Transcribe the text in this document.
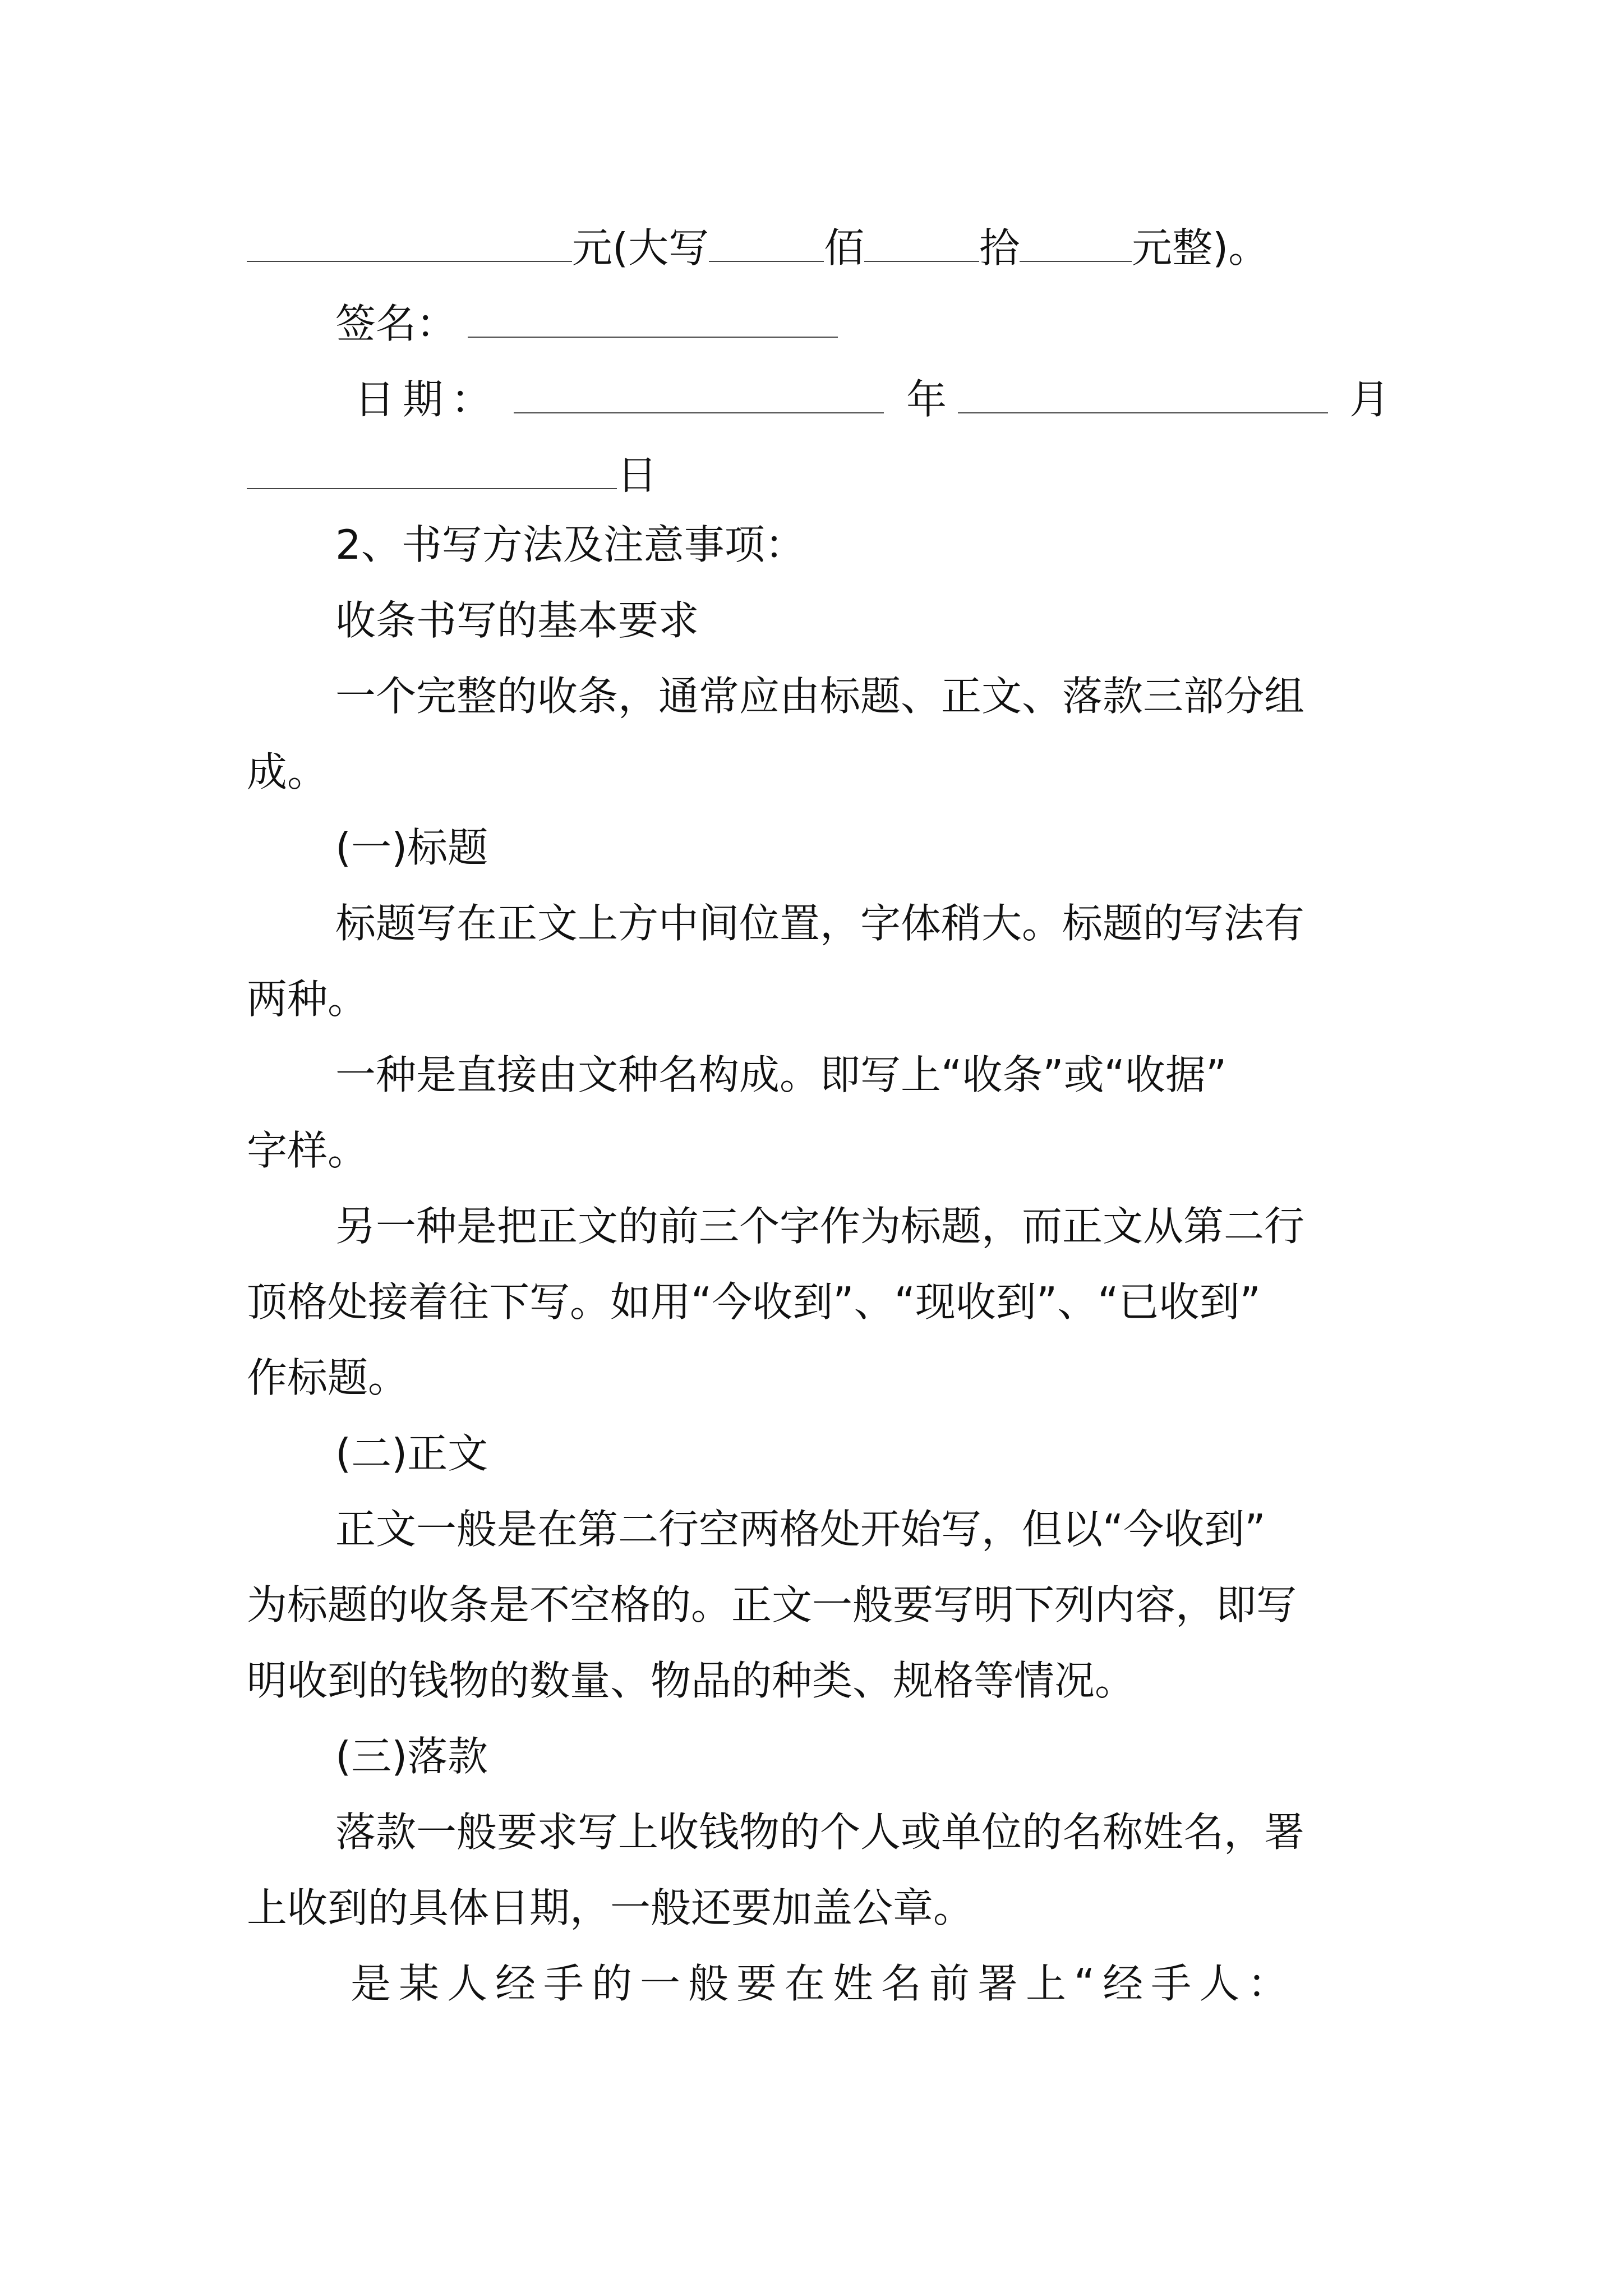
元(大写	佰	拾	元整)。
签名：
日期：	年	月
日
2、书写方法及注意事项：
收条书写的基本要求
一个完整的收条，通常应由标题、正文、落款三部分组
成。
(一)标题
标题写在正文上方中间位置，字体稍大。标题的写法有
两种。
一种是直接由文种名构成。即写上“收条”或“收据”
字样。
另一种是把正文的前三个字作为标题，而正文从第二行
顶格处接着往下写。如用“今收到”、“现收到”、“已收到”
作标题。
(二)正文
正文一般是在第二行空两格处开始写，但以“今收到”
为标题的收条是不空格的。正文一般要写明下列内容，即写
明收到的钱物的数量、物品的种类、规格等情况。
(三)落款
落款一般要求写上收钱物的个人或单位的名称姓名，署
上收到的具体日期，一般还要加盖公章。
是某人经手的一般要在姓名前署上“经手人：
